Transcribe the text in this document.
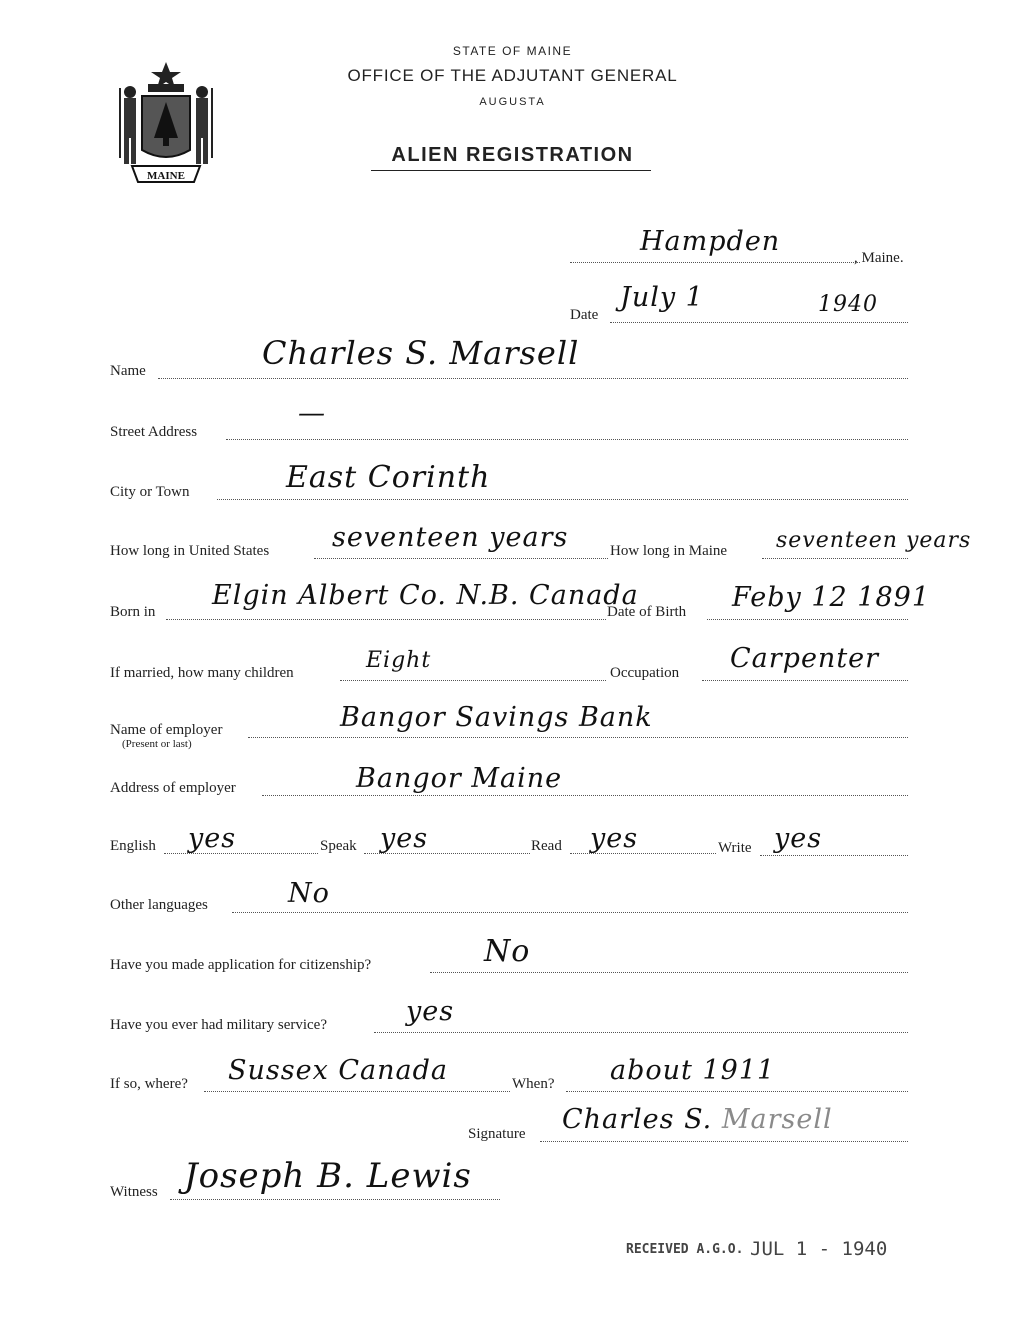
MAINE
STATE OF MAINE
OFFICE OF THE ADJUTANT GENERAL
AUGUSTA
ALIEN REGISTRATION
Hampden
, Maine.
Date
July 1	1940
Name	Charles S. Marsell
Street Address
—
City or Town	East Corinth
How long in United States seventeen years	How long in Maine seventeen years
Born in
Elgin Albert Co. N.B. Canada
Date of Birth Feby 12 1891
If married, how many children	Eight	Occupation Carpenter
Name of employer
(Present or last)
Bangor Savings Bank
Address of employer	Bangor Maine
English yes	Speak yes	Read yes	Write yes
Other languages	No
Have you made application for citizenship?	No
Have you ever had military service?	yes
If so, where? Sussex Canada	When? about 1911
Signature Charles S. Marsell
Witness Joseph B. Lewis
RECEIVED A.G.O. JUL 1 - 1940
